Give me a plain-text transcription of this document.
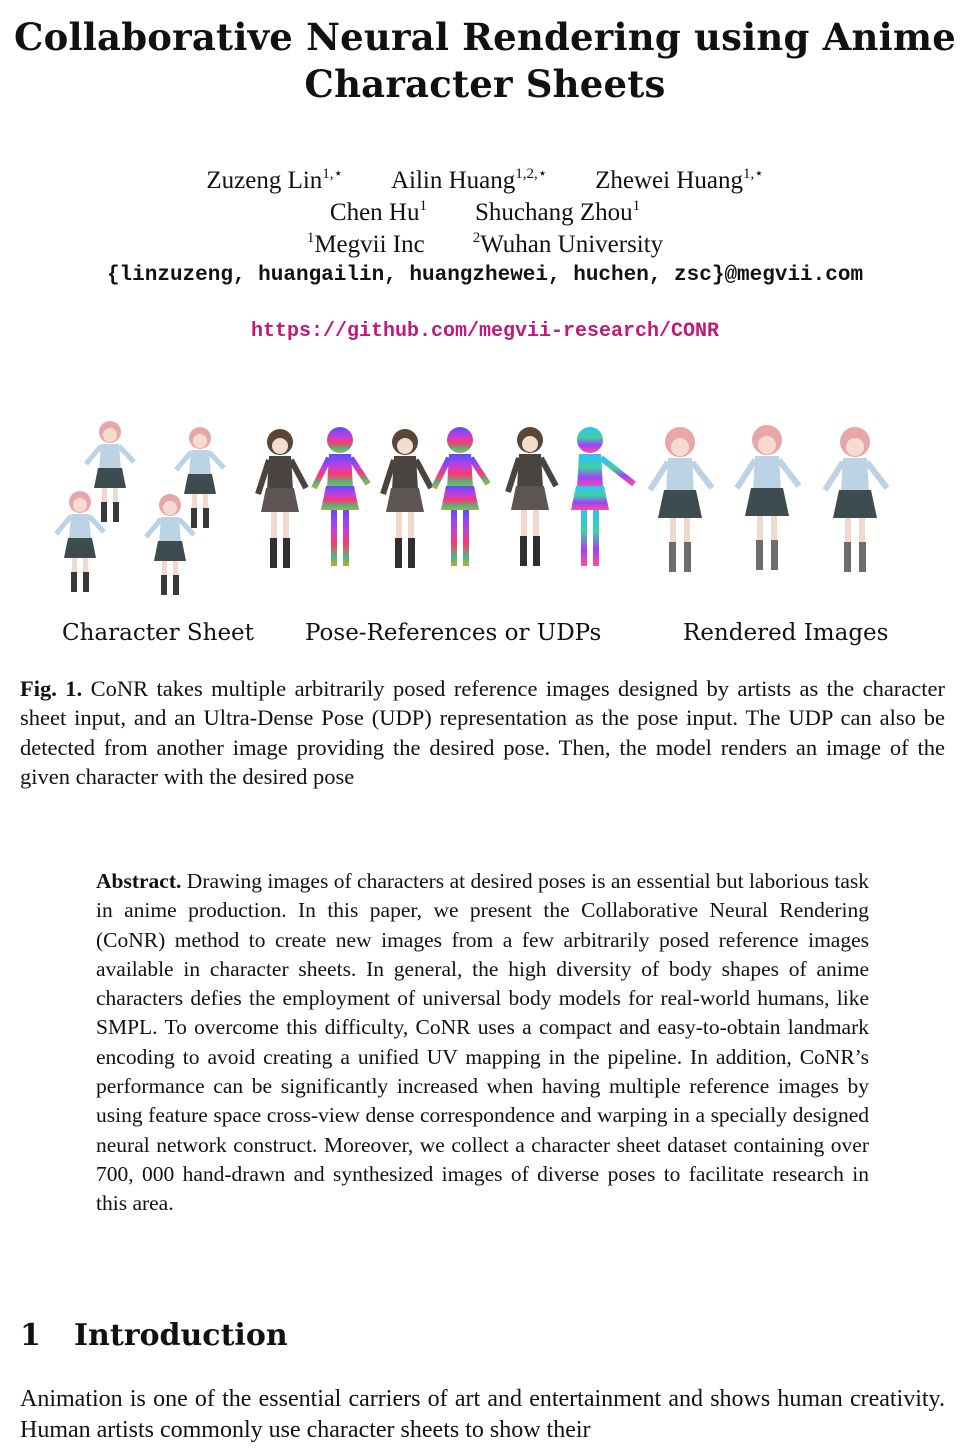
Collaborative Neural Rendering using Anime Character Sheets
Zuzeng Lin$^{1,⋆}$ Ailin Huang$^{1,2,⋆}$ Zhewei Huang$^{1,⋆}$
Chen Hu$^1$ Shuchang Zhou$^1$
$^1$Megvii Inc	$^2$Wuhan University
{linzuzeng, huangailin, huangzhewei, huchen, zsc}@megvii.com
https://github.com/megvii-research/CONR
Character Sheet Pose-References or UDPs	Rendered Images
Fig. 1. CoNR takes multiple arbitrarily posed reference images designed by artists as the character sheet input, and an Ultra-Dense Pose (UDP) representation as the pose input. The UDP can also be detected from another image providing the desired pose. Then, the model renders an image of the given character with the desired pose
Abstract. Drawing images of characters at desired poses is an essential but laborious task in anime production. In this paper, we present the Collaborative Neural Rendering (CoNR) method to create new images from a few arbitrarily posed reference images available in character sheets. In general, the high diversity of body shapes of anime characters defies the employment of universal body models for real-world humans, like SMPL. To overcome this difficulty, CoNR uses a compact and easy-to-obtain landmark encoding to avoid creating a unified UV mapping in the pipeline. In addition, CoNR’s performance can be significantly increased when having multiple reference images by using feature space cross-view dense correspondence and warping in a specially designed neural network construct. Moreover, we collect a character sheet dataset containing over 700, 000 hand-drawn and synthesized images of diverse poses to facilitate research in this area.
1 Introduction
Animation is one of the essential carriers of art and entertainment and shows human creativity. Human artists commonly use character sheets to show their
